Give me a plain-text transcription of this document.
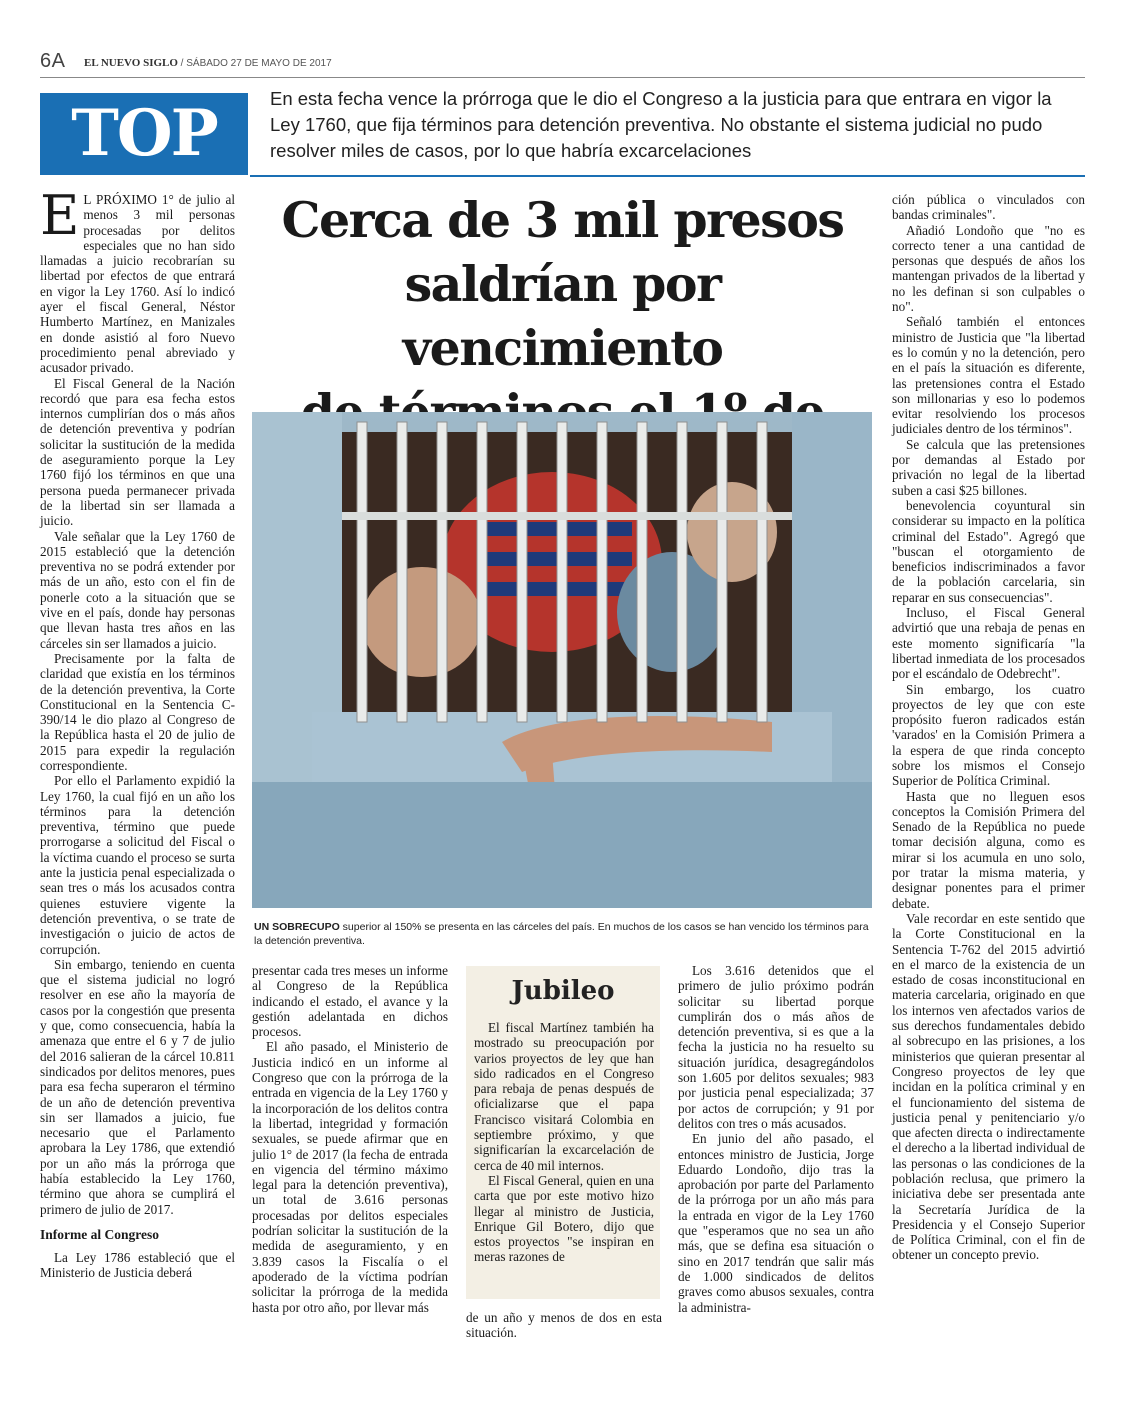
6A EL NUEVO SIGLO / SÁBADO 27 DE MAYO DE 2017
TOP 3
En esta fecha vence la prórroga que le dio el Congreso a la justicia para que entrara en vigor la Ley 1760, que fija términos para detención preventiva. No obstante el sistema judicial no pudo resolver miles de casos, por lo que habría excarcelaciones
Cerca de 3 mil presos
saldrían por vencimiento
UN SOBRECUPO superior al 150% se presenta en las cárceles del país. En muchos de los casos se han vencido los términos para la detención preventiva.

E L PRÓXIMO 1° de julio al menos 3 mil personas procesadas por delitos especiales que no han sido llamadas a juicio recobrarían su libertad por efectos de que entrará en vigor la Ley 1760. Así lo indicó ayer el fiscal General, Néstor Humberto Martínez, en Manizales en donde asistió al foro Nuevo procedimiento penal abreviado y acusador privado.

El Fiscal General de la Nación recordó que para esa fecha estos internos cumplirían dos o más años de detención preventiva y podrían solicitar la sustitución de la medida de aseguramiento porque la Ley 1760 fijó los términos en que una persona pueda permanecer privada de la libertad sin ser llamada a juicio.

Vale señalar que la Ley 1760 de 2015 estableció que la detención preventiva no se podrá extender por más de un año, esto con el fin de ponerle coto a la situación que se vive en el país, donde hay personas que llevan hasta tres años en las cárceles sin ser llamados a juicio.

Precisamente por la falta de claridad que existía en los términos de la detención preventiva, la Corte Constitucional en la Sentencia C-390/14 le dio plazo al Congreso de la República hasta el 20 de julio de 2015 para expedir la regulación correspondiente.

Por ello el Parlamento expidió la Ley 1760, la cual fijó en un año los términos para la detención preventiva, término que puede prorrogarse a solicitud del Fiscal o la víctima cuando el proceso se surta ante la justicia penal especializada o sean tres o más los acusados contra quienes estuviere vigente la detención preventiva, o se trate de investigación o juicio de actos de corrupción.

Sin embargo, teniendo en cuenta que el sistema judicial no logró resolver en ese año la mayoría de casos por la congestión que presenta y que, como consecuencia, había la amenaza que entre el 6 y 7 de julio del 2016 salieran de la cárcel 10.811 sindicados por delitos menores, pues para esa fecha superaron el término de un año de detención preventiva sin ser llamados a juicio, fue necesario que el Parlamento aprobara la Ley 1786, que extendió por un año más la prórroga que había establecido la Ley 1760, término que ahora se cumplirá el primero de julio de 2017.

Informe al Congreso

La Ley 1786 estableció que el Ministerio de Justicia deberá

presentar cada tres meses un informe al Congreso de la República indicando el estado, el avance y la gestión adelantada en dichos procesos.

El año pasado, el Ministerio de Justicia indicó en un informe al Congreso que con la prórroga de la entrada en vigencia de la Ley 1760 y la incorporación de los delitos contra la libertad, integridad y formación sexuales, se puede afirmar que en julio 1° de 2017 (la fecha de entrada en vigencia del término máximo legal para la detención preventiva), un total de 3.616 personas procesadas por delitos especiales podrían solicitar la sustitución de la medida de aseguramiento, y en 3.839 casos la Fiscalía o el apoderado de la víctima podrían solicitar la prórroga de la medida hasta por otro año, por llevar más

Jubileo

El fiscal Martínez también ha mostrado su preocupación por varios proyectos de ley que han sido radicados en el Congreso para rebaja de penas después de oficializarse que el papa Francisco visitará Colombia en septiembre próximo, y que significarían la excarcelación de cerca de 40 mil internos.

El Fiscal General, quien en una carta que por este motivo hizo llegar al ministro de Justicia, Enrique Gil Botero, dijo que estos proyectos "se inspiran en meras razones de

de un año y menos de dos en esta situación.

Los 3.616 detenidos que el primero de julio próximo podrán solicitar su libertad porque cumplirán dos o más años de detención preventiva, si es que a la fecha la justicia no ha resuelto su situación jurídica, desagregándolos son 1.605 por delitos sexuales; 983 por justicia penal especializada; 37 por actos de corrupción; y 91 por delitos con tres o más acusados.

En junio del año pasado, el entonces ministro de Justicia, Jorge Eduardo Londoño, dijo tras la aprobación por parte del Parlamento de la prórroga por un año más para la entrada en vigor de la Ley 1760 que "esperamos que no sea un año más, que se defina esa situación o sino en 2017 tendrán que salir más de 1.000 sindicados de delitos graves como abusos sexuales, contra la administra-

ción pública o vinculados con bandas criminales".

Añadió Londoño que "no es correcto tener a una cantidad de personas que después de años los mantengan privados de la libertad y no les definan si son culpables o no".

Señaló también el entonces ministro de Justicia que "la libertad es lo común y no la detención, pero en el país la situación es diferente, las pretensiones contra el Estado son millonarias y eso lo podemos evitar resolviendo los procesos judiciales dentro de los términos".

Se calcula que las pretensiones por demandas al Estado por privación no legal de la libertad suben a casi $25 billones.

benevolencia coyuntural sin considerar su impacto en la política criminal del Estado". Agregó que "buscan el otorgamiento de beneficios indiscriminados a favor de la población carcelaria, sin reparar en sus consecuencias".

Incluso, el Fiscal General advirtió que una rebaja de penas en este momento significaría "la libertad inmediata de los procesados por el escándalo de Odebrecht".

Sin embargo, los cuatro proyectos de ley que con este propósito fueron radicados están 'varados' en la Comisión Primera a la espera de que rinda concepto sobre los mismos el Consejo Superior de Política Criminal.

Hasta que no lleguen esos conceptos la Comisión Primera del Senado de la República no puede tomar decisión alguna, como es mirar si los acumula en uno solo, por tratar la misma materia, y designar ponentes para el primer debate.

Vale recordar en este sentido que la Corte Constitucional en la Sentencia T-762 del 2015 advirtió en el marco de la existencia de un estado de cosas inconstitucional en materia carcelaria, originado en que los internos ven afectados varios de sus derechos fundamentales debido al sobrecupo en las prisiones, a los ministerios que quieran presentar al Congreso proyectos de ley que incidan en la política criminal y en el funcionamiento del sistema de justicia penal y penitenciario y/o que afecten directa o indirectamente el derecho a la libertad individual de las personas o las condiciones de la población reclusa, que primero la iniciativa debe ser presentada ante la Secretaría Jurídica de la Presidencia y el Consejo Superior de Política Criminal, con el fin de obtener un concepto previo.
